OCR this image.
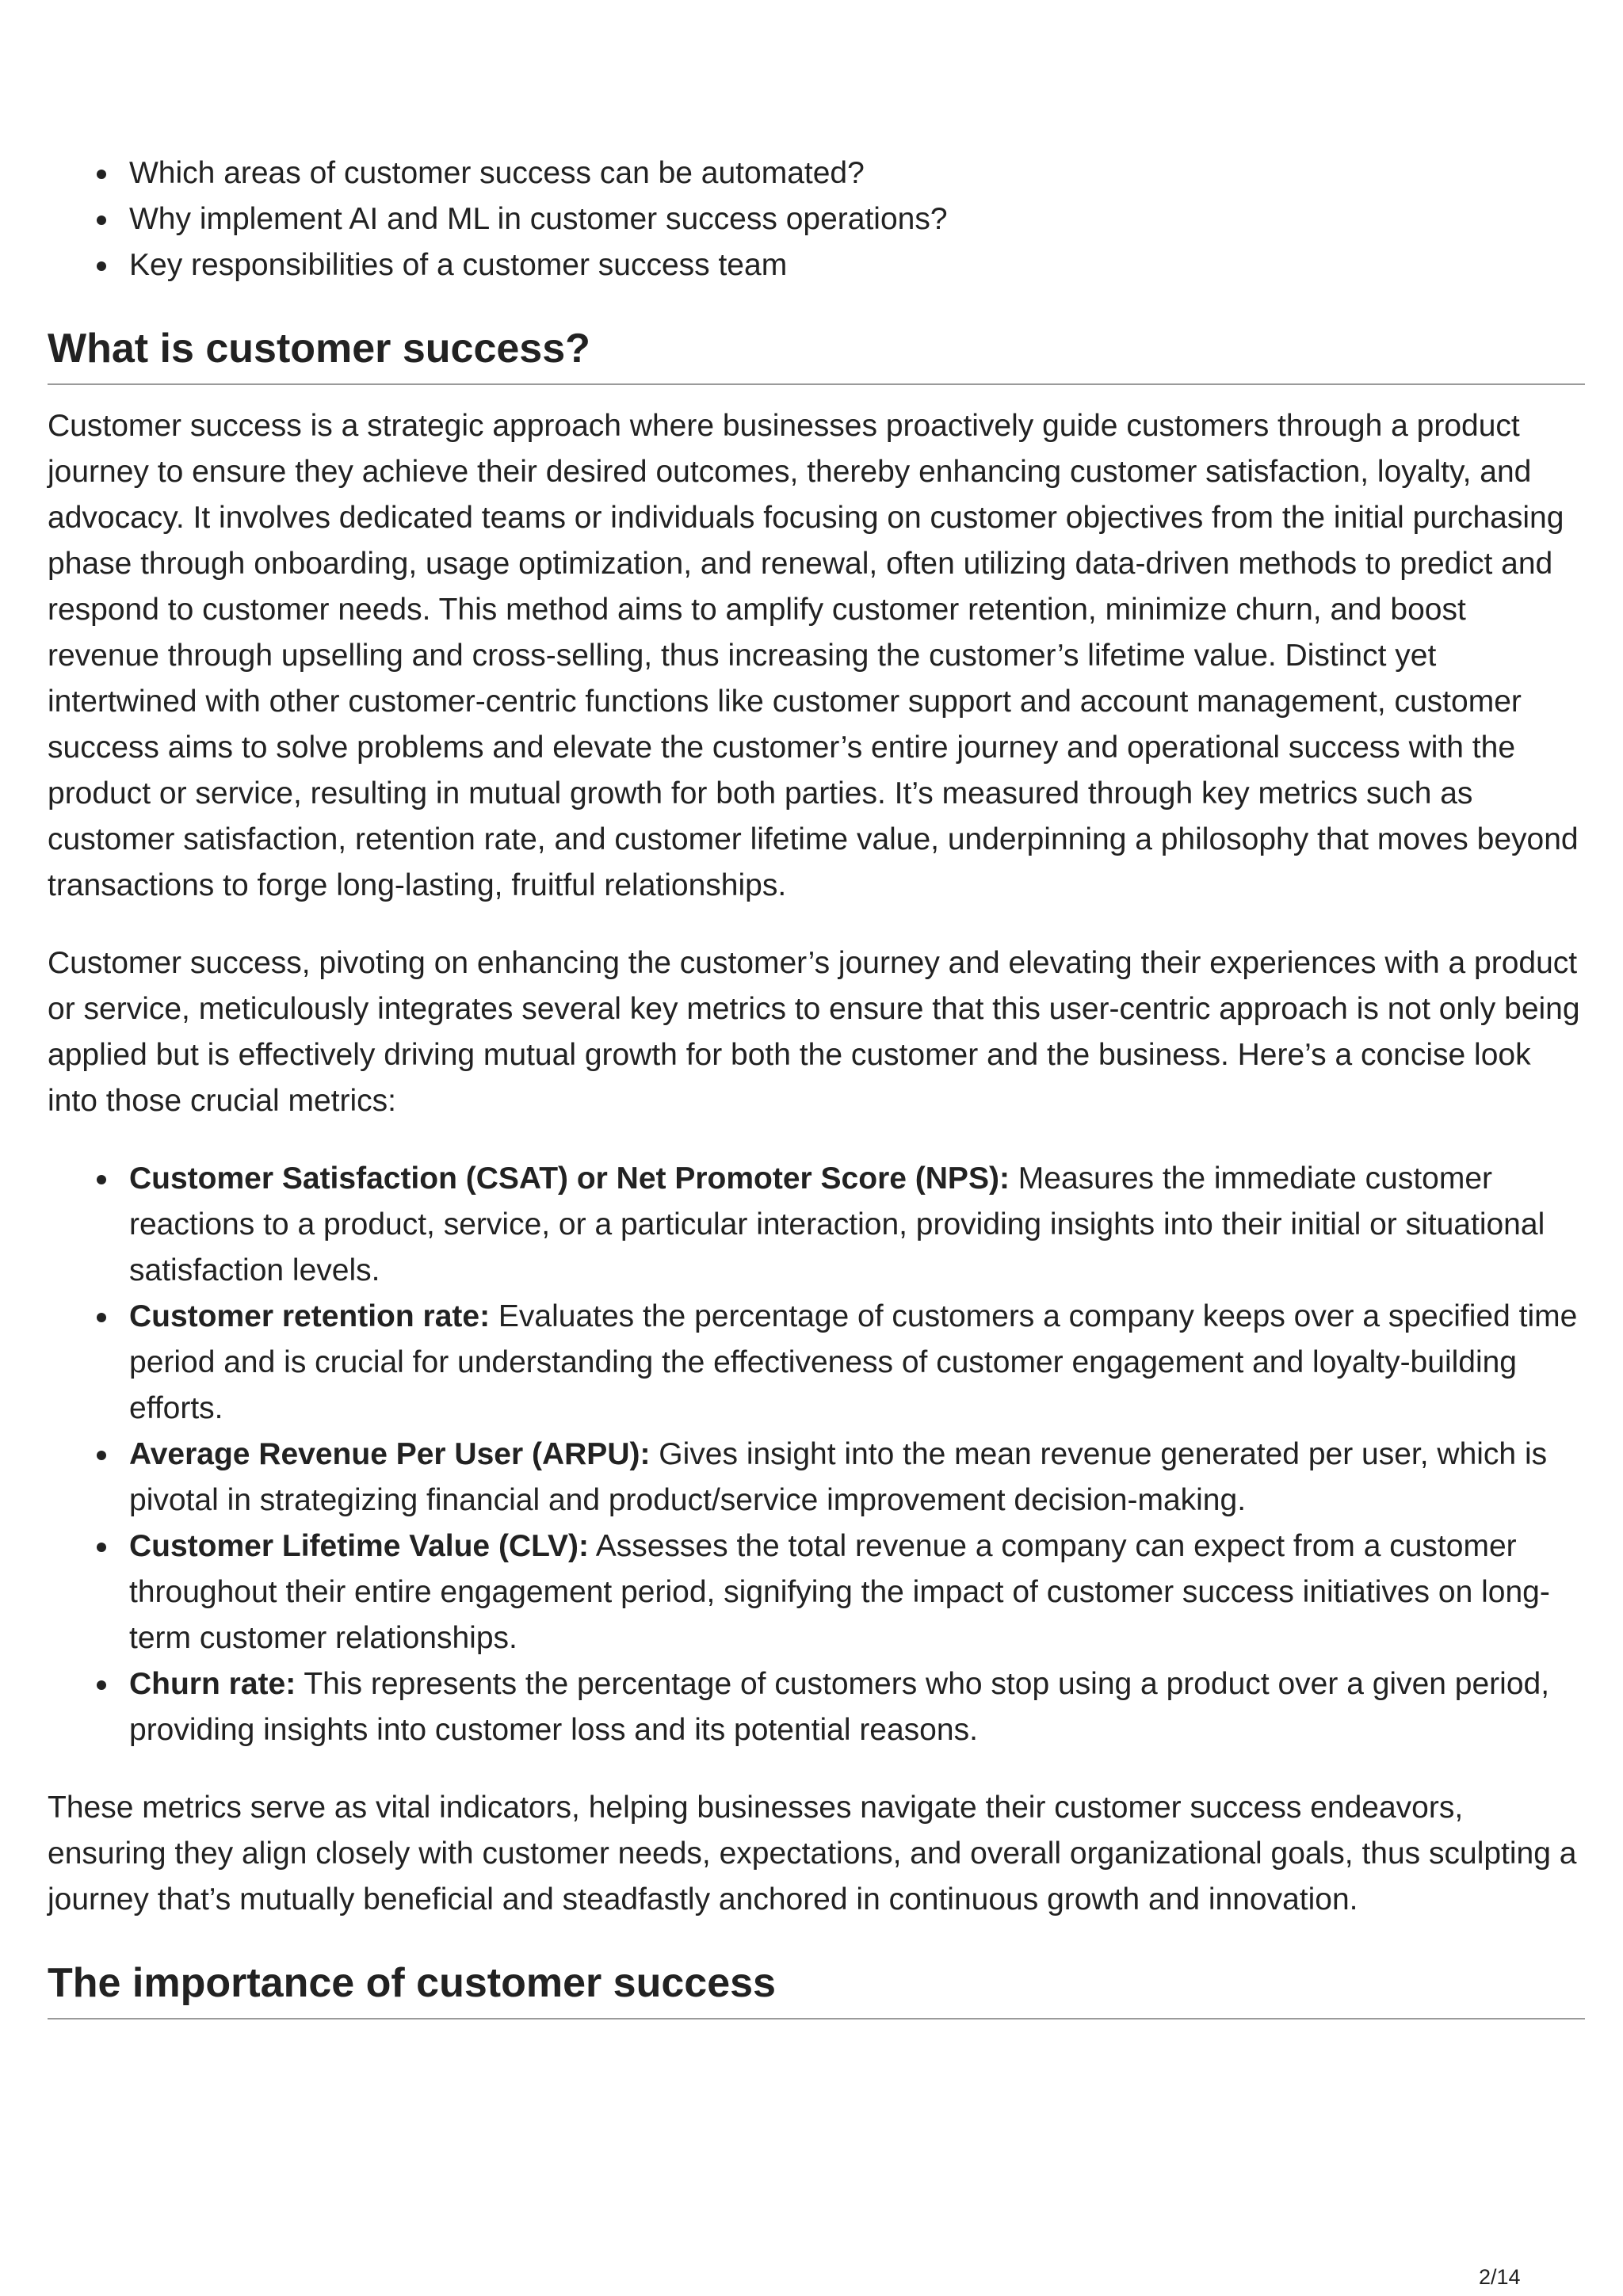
Which areas of customer success can be automated?
Why implement AI and ML in customer success operations?
Key responsibilities of a customer success team
What is customer success?

Customer success is a strategic approach where businesses proactively guide customers through a product journey to ensure they achieve their desired outcomes, thereby enhancing customer satisfaction, loyalty, and advocacy. It involves dedicated teams or individuals focusing on customer objectives from the initial purchasing phase through onboarding, usage optimization, and renewal, often utilizing data-driven methods to predict and respond to customer needs. This method aims to amplify customer retention, minimize churn, and boost revenue through upselling and cross-selling, thus increasing the customer’s lifetime value. Distinct yet intertwined with other customer-centric functions like customer support and account management, customer success aims to solve problems and elevate the customer’s entire journey and operational success with the product or service, resulting in mutual growth for both parties. It’s measured through key metrics such as customer satisfaction, retention rate, and customer lifetime value, underpinning a philosophy that moves beyond transactions to forge long-lasting, fruitful relationships.

Customer success, pivoting on enhancing the customer’s journey and elevating their experiences with a product or service, meticulously integrates several key metrics to ensure that this user-centric approach is not only being applied but is effectively driving mutual growth for both the customer and the business. Here’s a concise look into those crucial metrics:

Customer Satisfaction (CSAT) or Net Promoter Score (NPS): Measures the immediate customer reactions to a product, service, or a particular interaction, providing insights into their initial or situational satisfaction levels.
Customer retention rate: Evaluates the percentage of customers a company keeps over a specified time period and is crucial for understanding the effectiveness of customer engagement and loyalty-building efforts.
Average Revenue Per User (ARPU): Gives insight into the mean revenue generated per user, which is pivotal in strategizing financial and product/service improvement decision-making.
Customer Lifetime Value (CLV): Assesses the total revenue a company can expect from a customer throughout their entire engagement period, signifying the impact of customer success initiatives on long-term customer relationships.
Churn rate: This represents the percentage of customers who stop using a product over a given period, providing insights into customer loss and its potential reasons.

These metrics serve as vital indicators, helping businesses navigate their customer success endeavors, ensuring they align closely with customer needs, expectations, and overall organizational goals, thus sculpting a journey that’s mutually beneficial and steadfastly anchored in continuous growth and innovation.

The importance of customer success
2/14
